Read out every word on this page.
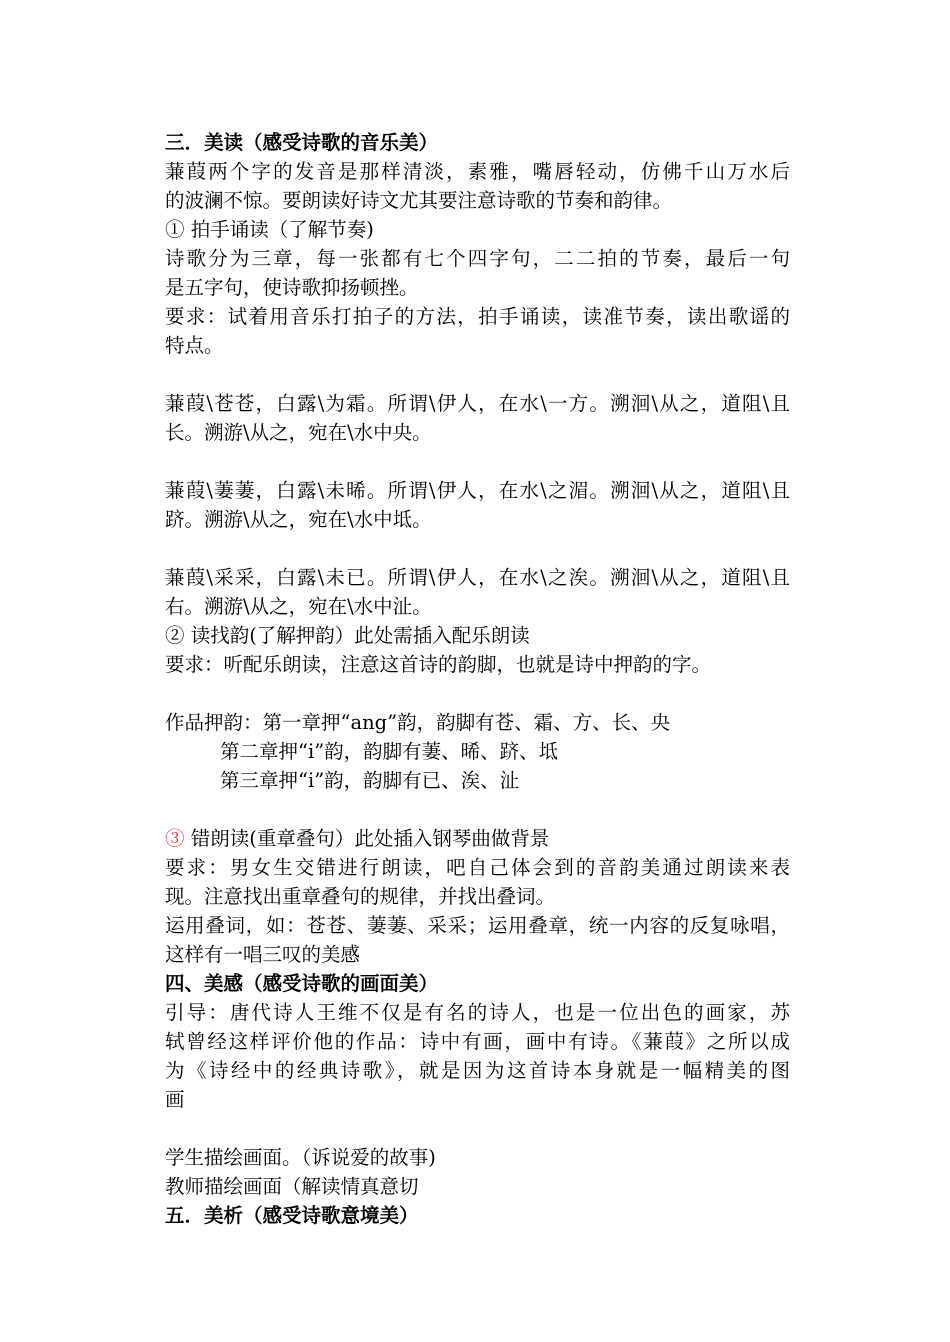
三．美读（感受诗歌的音乐美）
蒹葭两个字的发音是那样清淡，素雅，嘴唇轻动，仿佛千山万水后
的波澜不惊。要朗读好诗文尤其要注意诗歌的节奏和韵律。
① 拍手诵读（了解节奏)
诗歌分为三章，每一张都有七个四字句，二二拍的节奏，最后一句
是五字句，使诗歌抑扬顿挫。
要求：试着用音乐打拍子的方法，拍手诵读，读准节奏，读出歌谣的
特点。
蒹葭\苍苍，白露\为霜。所谓\伊人，在水\一方。溯洄\从之，道阻\且
长。溯游\从之，宛在\水中央。
蒹葭\萋萋，白露\未晞。所谓\伊人，在水\之湄。溯洄\从之，道阻\且
跻。溯游\从之，宛在\水中坻。
蒹葭\采采，白露\未已。所谓\伊人，在水\之涘。溯洄\从之，道阻\且
右。溯游\从之，宛在\水中沚。
② 读找韵(了解押韵）此处需插入配乐朗读
要求：听配乐朗读，注意这首诗的韵脚，也就是诗中押韵的字。
作品押韵：第一章押“ang”韵，韵脚有苍、霜、方、长、央
第二章押“i”韵，韵脚有萋、晞、跻、坻
第三章押“i”韵，韵脚有已、涘、沚
③ 错朗读(重章叠句）此处插入钢琴曲做背景
要求：男女生交错进行朗读，吧自己体会到的音韵美通过朗读来表
现。注意找出重章叠句的规律，并找出叠词。
运用叠词，如：苍苍、萋萋、采采；运用叠章，统一内容的反复咏唱，
这样有一唱三叹的美感
四、美感（感受诗歌的画面美）
引导：唐代诗人王维不仅是有名的诗人，也是一位出色的画家，苏
轼曾经这样评价他的作品：诗中有画，画中有诗。《蒹葭》之所以成
为《诗经中的经典诗歌》，就是因为这首诗本身就是一幅精美的图
画
学生描绘画面。（诉说爱的故事)
教师描绘画面（解读情真意切
五．美析（感受诗歌意境美）
